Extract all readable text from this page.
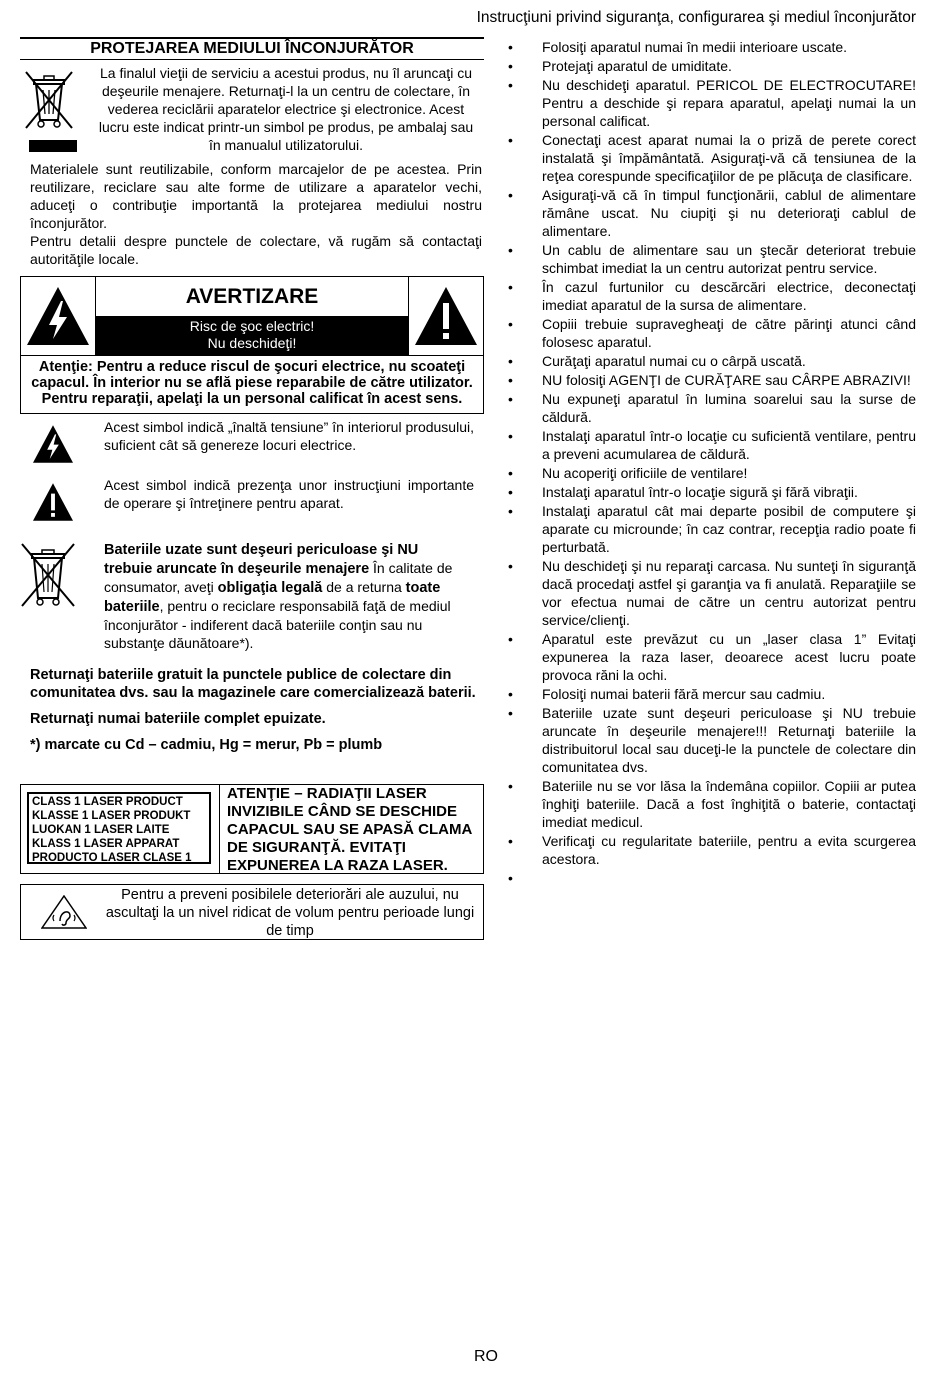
Instrucţiuni privind siguranţa, configurarea şi mediul înconjurător
PROTEJAREA MEDIULUI ÎNCONJURĂTOR
La finalul vieţii de serviciu a acestui produs, nu îl aruncaţi cu deşeurile menajere. Returnaţi-l la un centru de colectare, în vederea reciclării aparatelor electrice şi electronice. Acest lucru este indicat printr-un simbol pe produs, pe ambalaj sau în manualul utilizatorului.

Materialele sunt reutilizabile, conform marcajelor de pe acestea. Prin reutilizare, reciclare sau alte forme de utilizare a aparatelor vechi, aduceţi o contribuţie importantă la protejarea mediului nostru înconjurător.

Pentru detalii despre punctele de colectare, vă rugăm să contactaţi autorităţile locale.

AVERTIZARE
Risc de şoc electric!
Nu deschideţi!
Atenţie: Pentru a reduce riscul de şocuri electrice, nu scoateţi capacul. În interior nu se află piese reparabile de către utilizator. Pentru reparaţii, apelaţi la un personal calificat în acest sens.
Acest simbol indică „înaltă tensiune” în interiorul produsului, suficient cât să genereze locuri electrice.
Acest simbol indică prezenţa unor instrucţiuni importante de operare şi întreţinere pentru aparat.
Bateriile uzate sunt deşeuri periculoase şi NU trebuie aruncate în deşeurile menajere În calitate de consumator, aveţi obligaţia legală de a returna toate bateriile, pentru o reciclare responsabilă faţă de mediul înconjurător - indiferent dacă bateriile conţin sau nu substanţe dăunătoare*).

Returnaţi bateriile gratuit la punctele publice de colectare din comunitatea dvs. sau la magazinele care comercializează baterii.

Returnaţi numai bateriile complet epuizate.

*) marcate cu Cd – cadmiu, Hg = merur, Pb = plumb

CLASS 1 LASER PRODUCT
KLASSE 1 LASER PRODUKT
LUOKAN 1 LASER LAITE
KLASS 1 LASER APPARAT
PRODUCTO LASER CLASE 1
ATENŢIE – RADIAŢII LASER INVIZIBILE CÂND SE DESCHIDE CAPACUL SAU SE APASĂ CLAMA DE SIGURANŢĂ. EVITAŢI EXPUNEREA LA RAZA LASER.
Pentru a preveni posibilele deteriorări ale auzului, nu ascultaţi la un nivel ridicat de volum pentru perioade lungi de timp
• Folosiţi aparatul numai în medii interioare uscate.
• Protejaţi aparatul de umiditate.
• Nu deschideţi aparatul. PERICOL DE ELECTROCUTARE! Pentru a deschide şi repara aparatul, apelaţi numai la un personal calificat.
• Conectaţi acest aparat numai la o priză de perete corect instalată şi împământată. Asiguraţi-vă că tensiunea de la reţea corespunde specificaţiilor de pe plăcuţa de clasificare.
• Asiguraţi-vă că în timpul funcţionării, cablul de alimentare rămâne uscat. Nu ciupiţi şi nu deterioraţi cablul de alimentare.
• Un cablu de alimentare sau un ştecăr deteriorat trebuie schimbat imediat la un centru autorizat pentru service.
• În cazul furtunilor cu descărcări electrice, deconectaţi imediat aparatul de la sursa de alimentare.
• Copiii trebuie supravegheaţi de către părinţi atunci când folosesc aparatul.
• Curăţaţi aparatul numai cu o cârpă uscată.
• NU folosiţi AGENŢI de CURĂŢARE sau CÂRPE ABRAZIVI!
• Nu expuneţi aparatul în lumina soarelui sau la surse de căldură.
• Instalaţi aparatul într-o locaţie cu suficientă ventilare, pentru a preveni acumularea de căldură.
• Nu acoperiţi orificiile de ventilare!
• Instalaţi aparatul într-o locaţie sigură şi fără vibraţii.
• Instalaţi aparatul cât mai departe posibil de computere şi aparate cu microunde; în caz contrar, recepţia radio poate fi perturbată.
• Nu deschideţi şi nu reparaţi carcasa. Nu sunteţi în siguranţă dacă procedaţi astfel şi garanţia va fi anulată. Reparaţiile se vor efectua numai de către un centru autorizat pentru service/clienţi.
• Aparatul este prevăzut cu un „laser clasa 1” Evitaţi expunerea la raza laser, deoarece acest lucru poate provoca răni la ochi.
• Folosiţi numai baterii fără mercur sau cadmiu.
• Bateriile uzate sunt deşeuri periculoase şi NU trebuie aruncate în deşeurile menajere!!! Returnaţi bateriile la distribuitorul local sau duceţi-le la punctele de colectare din comunitatea dvs.
• Bateriile nu se vor lăsa la îndemâna copiilor. Copiii ar putea înghiţi bateriile. Dacă a fost înghiţită o baterie, contactaţi imediat medicul.
• Verificaţi cu regularitate bateriile, pentru a evita scurgerea acestora.
•
RO
